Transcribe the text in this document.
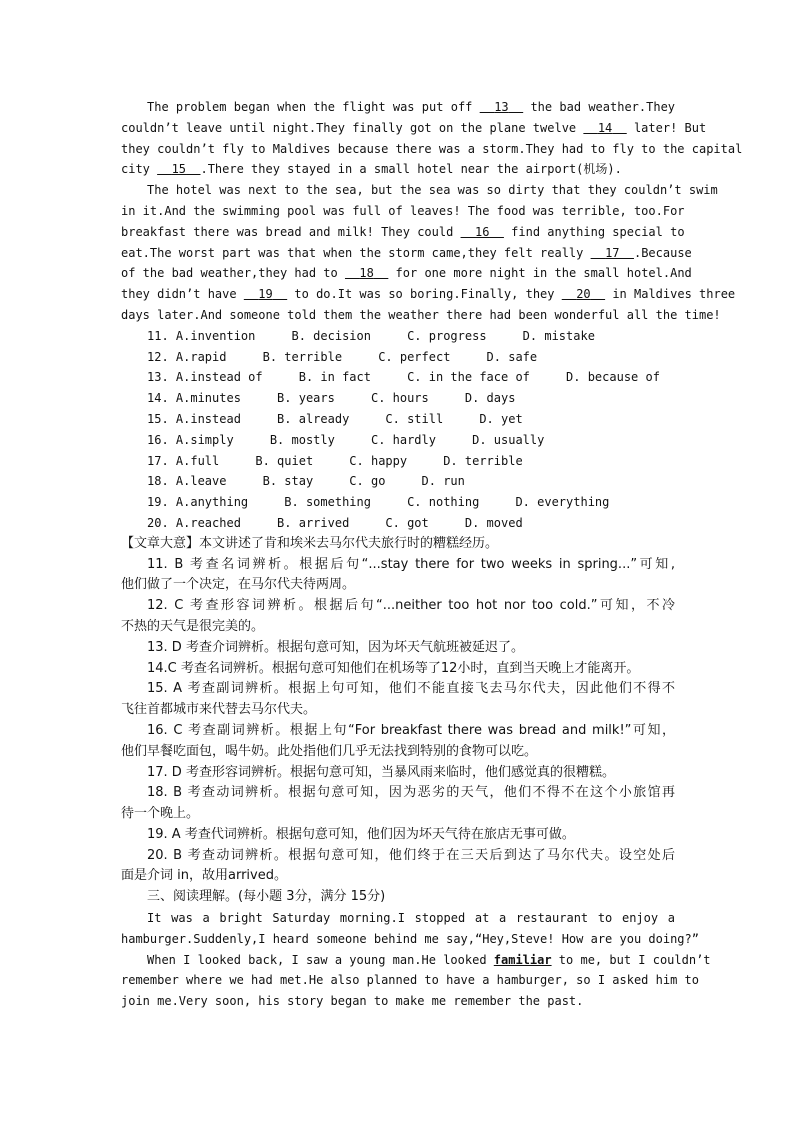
The problem began when the flight was put off   13   the bad weather.They
couldn’t leave until night.They finally got on the plane twelve   14   later! But
they couldn’t fly to Maldives because there was a storm.They had to fly to the capital
city   15 .There they stayed in a small hotel near the airport(机场).
The hotel was next to the sea, but the sea was so dirty that they couldn’t swim
in it.And the swimming pool was full of leaves! The food was terrible, too.For
breakfast there was bread and milk! They could   16   find anything special to
eat.The worst part was that when the storm came,they felt really   17 .Because
of the bad weather,they had to   18   for one more night in the small hotel.And
they didn’t have   19   to do.It was so boring.Finally, they   20   in Maldives three
days later.And someone told them the weather there had been wonderful all the time!
11. A.invention     B. decision     C. progress     D. mistake
12. A.rapid     B. terrible     C. perfect     D. safe
13. A.instead of     B. in fact     C. in the face of     D. because of
14. A.minutes     B. years     C. hours     D. days
15. A.instead     B. already     C. still     D. yet
16. A.simply     B. mostly     C. hardly     D. usually
17. A.full     B. quiet     C. happy     D. terrible
18. A.leave     B. stay     C. go     D. run
19. A.anything     B. something     C. nothing     D. everything
20. A.reached     B. arrived     C. got     D. moved
【文章大意】本文讲述了肯和埃米去马尔代夫旅行时的糟糕经历。
11. B 考查名词辨析。根据后句“...stay there for two weeks in spring...”可知,
他们做了一个决定，在马尔代夫待两周。
12. C 考查形容词辨析。根据后句“...neither too hot nor too cold.”可知，不冷
不热的天气是很完美的。
13. D 考查介词辨析。根据句意可知，因为坏天气航班被延迟了。
14.C 考查名词辨析。根据句意可知他们在机场等了12小时，直到当天晚上才能离开。
15. A 考查副词辨析。根据上句可知，他们不能直接飞去马尔代夫，因此他们不得不
飞往首都城市来代替去马尔代夫。
16. C 考查副词辨析。根据上句“For breakfast there was bread and milk!”可知，
他们早餐吃面包，喝牛奶。此处指他们几乎无法找到特别的食物可以吃。
17. D 考查形容词辨析。根据句意可知，当暴风雨来临时，他们感觉真的很糟糕。
18. B 考查动词辨析。根据句意可知，因为恶劣的天气，他们不得不在这个小旅馆再
待一个晚上。
19. A 考查代词辨析。根据句意可知，他们因为坏天气待在旅店无事可做。
20. B 考查动词辨析。根据句意可知，他们终于在三天后到达了马尔代夫。设空处后
面是介词 in，故用arrived。
三、阅读理解。(每小题 3分，满分 15分)
It was a bright Saturday morning.I stopped at a restaurant to enjoy a
hamburger.Suddenly,I heard someone behind me say,“Hey,Steve! How are you doing?”
When I looked back, I saw a young man.He looked familiar to me, but I couldn’t
remember where we had met.He also planned to have a hamburger, so I asked him to
join me.Very soon, his story began to make me remember the past.
